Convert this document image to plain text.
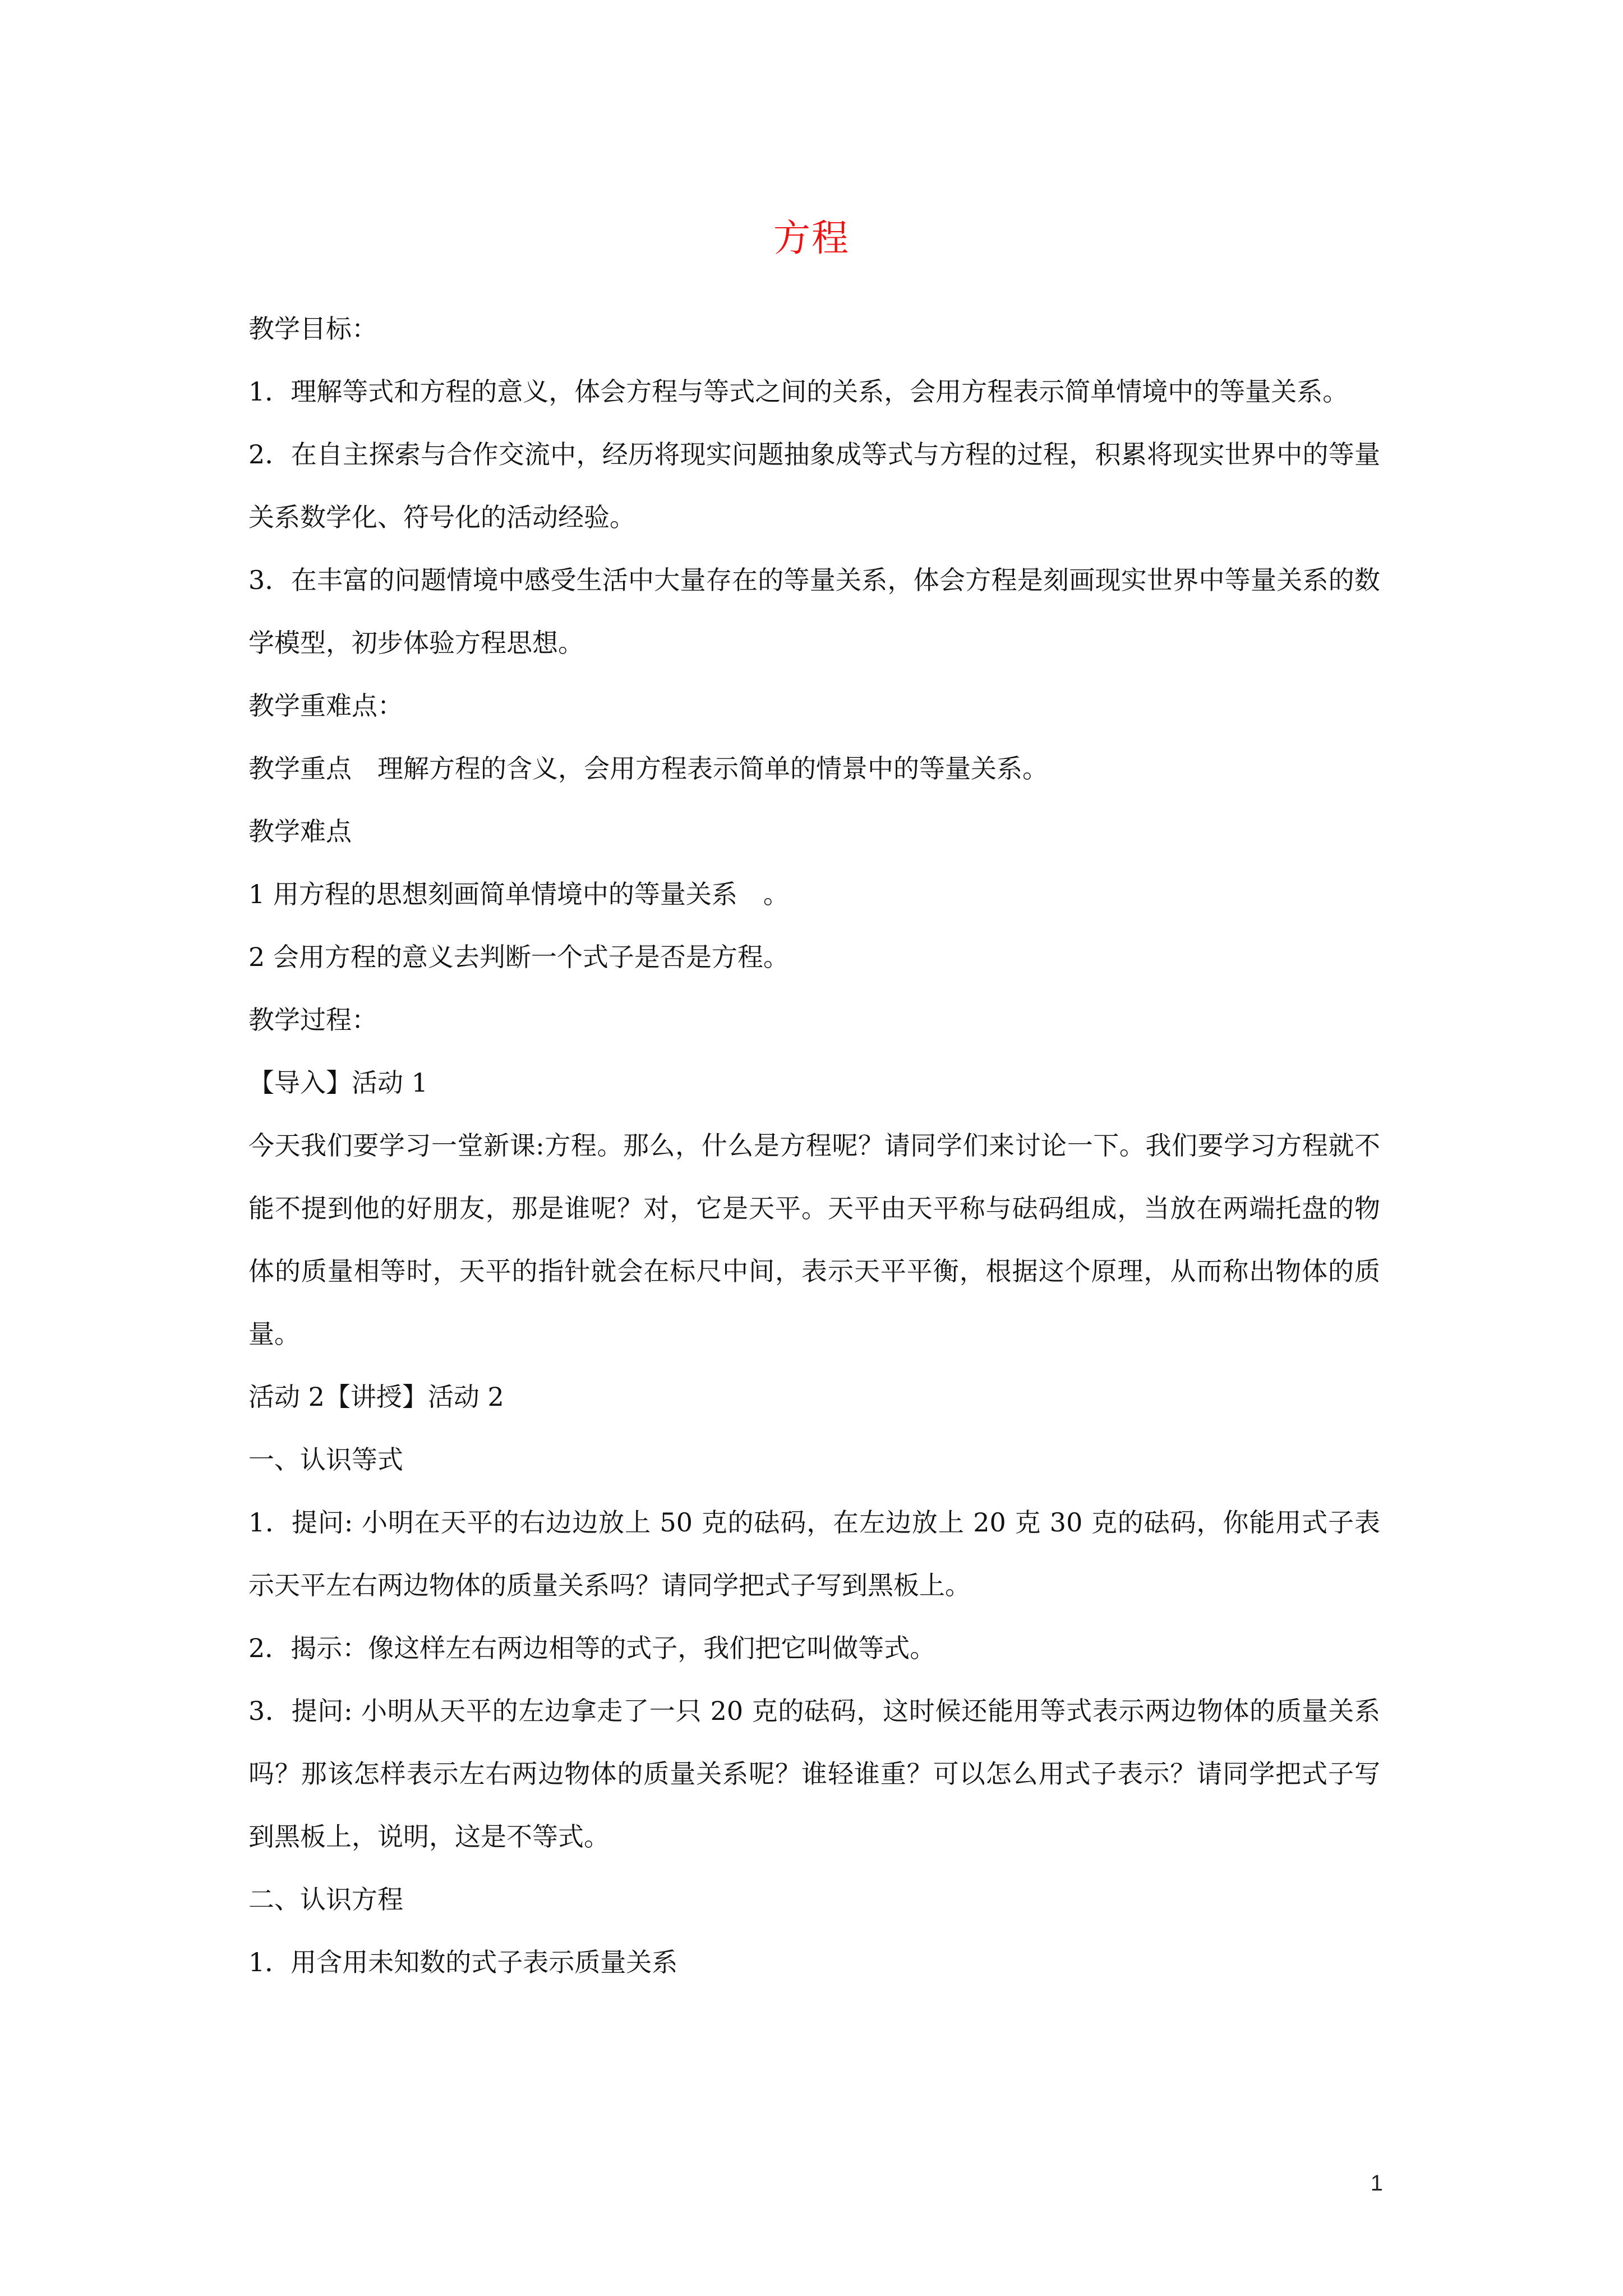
方程

教学目标：

1．理解等式和方程的意义，体会方程与等式之间的关系，会用方程表示简单情境中的等量关系。

2．在自主探索与合作交流中，经历将现实问题抽象成等式与方程的过程，积累将现实世界中的等量关系数学化、符号化的活动经验。

3．在丰富的问题情境中感受生活中大量存在的等量关系，体会方程是刻画现实世界中等量关系的数学模型，初步体验方程思想。

教学重难点：

教学重点　理解方程的含义，会用方程表示简单的情景中的等量关系。

教学难点

1 用方程的思想刻画简单情境中的等量关系　。

2 会用方程的意义去判断一个式子是否是方程。

教学过程：

【导入】活动 1

今天我们要学习一堂新课:方程。那么，什么是方程呢？请同学们来讨论一下。我们要学习方程就不能不提到他的好朋友，那是谁呢？对，它是天平。天平由天平称与砝码组成，当放在两端托盘的物体的质量相等时，天平的指针就会在标尺中间，表示天平平衡，根据这个原理，从而称出物体的质量。

活动 2【讲授】活动 2

一、认识等式

1．提问: 小明在天平的右边边放上 50 克的砝码，在左边放上 20 克 30 克的砝码，你能用式子表示天平左右两边物体的质量关系吗？请同学把式子写到黑板上。

2．揭示：像这样左右两边相等的式子，我们把它叫做等式。

3．提问: 小明从天平的左边拿走了一只 20 克的砝码，这时候还能用等式表示两边物体的质量关系吗？那该怎样表示左右两边物体的质量关系呢？谁轻谁重？可以怎么用式子表示？请同学把式子写到黑板上，说明，这是不等式。

二、认识方程

1．用含用未知数的式子表示质量关系

1
